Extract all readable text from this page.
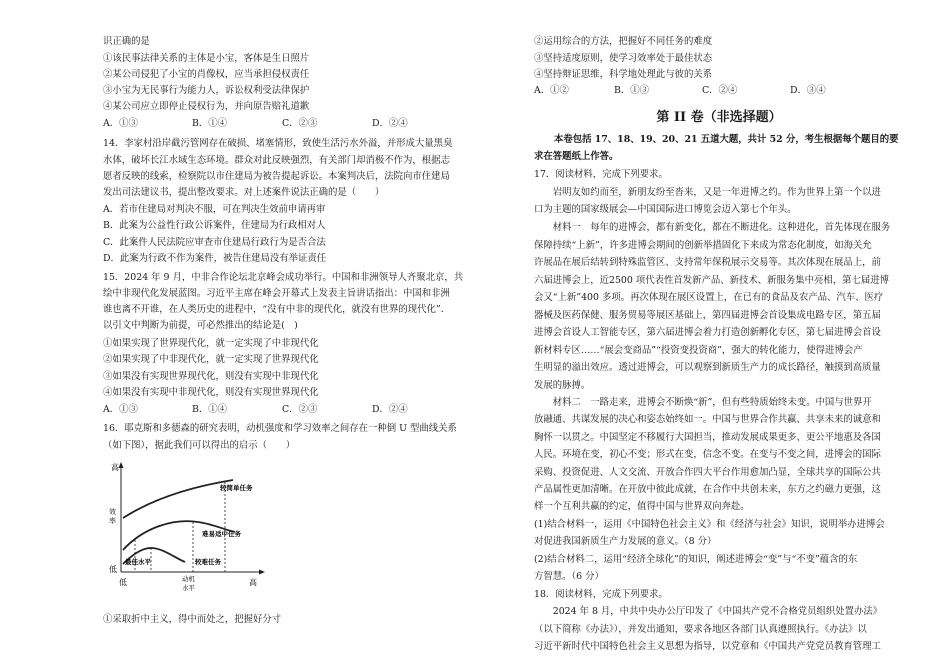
识正确的是
①该民事法律关系的主体是小宝，客体是生日照片
②某公司侵犯了小宝的肖像权，应当承担侵权责任
③小宝为无民事行为能力人，诉讼权利受法律保护
④某公司应立即停止侵权行为，并向原告赔礼道歉
A．①③	B．①④	C．②③	D．②④
14．李家村沿岸截污管网存在破损、堵塞情形，致使生活污水外溢，并形成大量黑臭
水体，破坏长江水域生态环境。群众对此反映强烈，有关部门却消极不作为，根据志
愿者反映的线索，检察院以市住建局为被告提起诉讼。本案判决后，法院向市住建局
发出司法建议书，提出整改要求。对上述案件说法正确的是（　　）
A．若市住建局对判决不服，可在判决生效前申请再审
B．此案为公益性行政公诉案件，住建局为行政相对人
C．此案件人民法院应审查市住建局行政行为是否合法
D．此案为行政不作为案件，被告住建局没有举证责任
15．2024 年 9 月，中非合作论坛北京峰会成功举行。中国和非洲领导人齐聚北京，共
绘中非现代化发展蓝图。习近平主席在峰会开幕式上发表主旨讲话指出：中国和非洲
谁也离不开谁，在人类历史的进程中，“没有中非的现代化，就没有世界的现代化”．
以引文中判断为前提，可必然推出的结论是(　)
①如果实现了世界现代化，就一定实现了中非现代化
②如果实现了中非现代化，就一定实现了世界现代化
③如果没有实现世界现代化，则没有实现中非现代化
④如果没有实现中非现代化，则没有实现世界现代化
A．①③	B．①④	C．②③	D．②④
16．耶克斯和多德森的研究表明，动机强度和学习效率之间存在一种倒 U 型曲线关系
（如下图），据此我们可以得出的启示（　　）
高
效
率
低
低	动机
水平
高
较简单任务
难易适中任务
较难任务
最佳水平
①采取折中主义，得中而处之，把握好分寸
②运用综合的方法，把握好不同任务的难度
③坚持适度原则，使学习效率处于最佳状态
④坚持辩证思维，科学地处理此与彼的关系
A．①②	B．①③	C．②④	D．③④
第 II 卷（非选择题）
本卷包括 17、18、19、20、21 五道大题，共计 52 分，考生根据每个题目的要
求在答题纸上作答。
17．阅读材料，完成下列要求。
　　岩明友如约而至，新朋友纷至沓来，又是一年进博之约。作为世界上第一个以进
口为主题的国家级展会—中国国际进口博览会迈入第七个年头。
　　材料一　每年的进博会，都有新变化，都在不断进化。这种进化，首先体现在服务
保障持续“上新”，许多进博会期间的创新举措固化下来成为常态化制度，如海关允
许展品在展后结转到特殊监管区、支持常年保税展示交易等。其次体现在展品上，前
六届进博会上，近2500 项代表性首发新产品、新技术、新服务集中亮相，第七届进博
会又“上新”400 多项。再次体现在展区设置上，在已有的食品及农产品、汽车、医疗
器械及医药保健、服务贸易等展区基础上，第四届进博会首设集成电路专区，第五届
进博会首设人工智能专区，第六届进博会着力打造创新孵化专区，第七届进博会首设
新材料专区……“展会变商品”“投资变投资商”，强大的转化能力，使得进博会产
生明显的溢出效应。透过进博会，可以观察到新质生产力的成长路径，触摸到高质量
发展的脉搏。
　　材料二　一路走来，进博会不断焕“新”，但有些特质始终未变。中国与世界开
放融通、共谋发展的决心和姿态始终如一。中国与世界合作共赢、共享未来的诚意和
胸怀一以贯之。中国坚定不移履行大国担当，推动发展成果更多、更公平地惠及各国
人民。环境在变，初心不变；形式在变，信念不变。在变与不变之间，进博会的国际
采购、投资促进、人文交流、开放合作四大平台作用愈加凸显，全球共享的国际公共
产品属性更加清晰。在开放中彼此成就，在合作中共创未来，东方之约磁力更强，这
样一个互利共赢的约定，值得中国与世界双向奔赴。
(1)结合材料一，运用《中国特色社会主义》和《经济与社会》知识，说明举办进博会
对促进我国新质生产力发展的意义。（8 分）
(2)结合材料二，运用“经济全球化”的知识，阐述进博会“变”与“不变”蕴含的东
方智慧。（6 分）
18．阅读材料，完成下列要求。
　　2024 年 8 月，中共中央办公厅印发了《中国共产党不合格党员组织处置办法》
（以下简称《办法》），并发出通知，要求各地区各部门认真遵照执行。《办法》以
习近平新时代中国特色社会主义思想为指导，以党章和《中国共产党党员教育管理工
